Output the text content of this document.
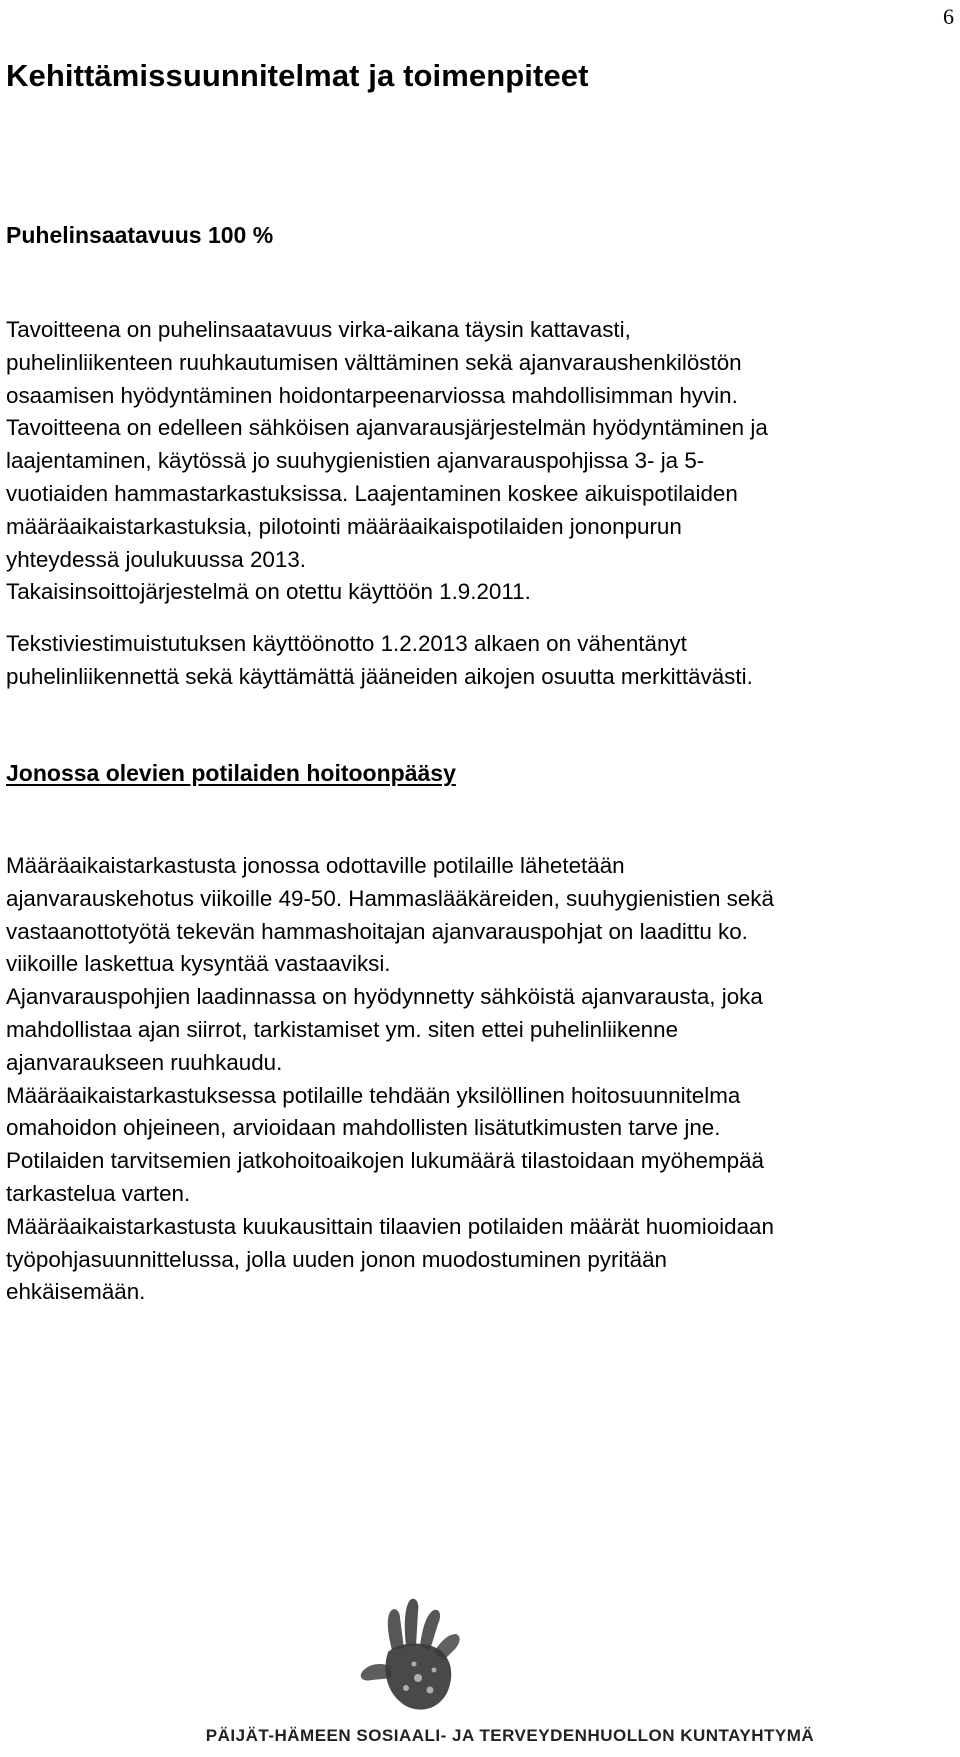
6
Kehittämissuunnitelmat ja toimenpiteet
Puhelinsaatavuus 100 %

Tavoitteena on puhelinsaatavuus virka-aikana täysin kattavasti,
puhelinliikenteen ruuhkautumisen välttäminen sekä ajanvaraushenkilöstön
osaamisen hyödyntäminen hoidontarpeenarviossa mahdollisimman hyvin.
Tavoitteena on edelleen sähköisen ajanvarausjärjestelmän hyödyntäminen ja
laajentaminen, käytössä jo suuhygienistien ajanvarauspohjissa 3- ja 5-
vuotiaiden hammastarkastuksissa. Laajentaminen koskee aikuispotilaiden
määräaikaistarkastuksia, pilotointi määräaikaispotilaiden jononpurun
yhteydessä joulukuussa 2013.
Takaisinsoittojärjestelmä on otettu käyttöön 1.9.2011.

Tekstiviestimuistutuksen käyttöönotto 1.2.2013 alkaen on vähentänyt
puhelinliikennettä sekä käyttämättä jääneiden aikojen osuutta merkittävästi.

Jonossa olevien potilaiden hoitoonpääsy

Määräaikaistarkastusta jonossa odottaville potilaille lähetetään
ajanvarauskehotus viikoille 49-50. Hammaslääkäreiden, suuhygienistien sekä
vastaanottotyötä tekevän hammashoitajan ajanvarauspohjat on laadittu ko.
viikoille laskettua kysyntää vastaaviksi.
Ajanvarauspohjien laadinnassa on hyödynnetty sähköistä ajanvarausta, joka
mahdollistaa ajan siirrot, tarkistamiset ym. siten ettei puhelinliikenne
ajanvaraukseen ruuhkaudu.
Määräaikaistarkastuksessa potilaille tehdään yksilöllinen hoitosuunnitelma
omahoidon ohjeineen, arvioidaan mahdollisten lisätutkimusten tarve jne.
Potilaiden tarvitsemien jatkohoitoaikojen lukumäärä tilastoidaan myöhempää
tarkastelua varten.
Määräaikaistarkastusta kuukausittain tilaavien potilaiden määrät huomioidaan
työpohjasuunnittelussa, jolla uuden jonon muodostuminen pyritään
ehkäisemään.

PÄIJÄT-HÄMEEN SOSIAALI- JA TERVEYDENHUOLLON KUNTAYHTYMÄ
